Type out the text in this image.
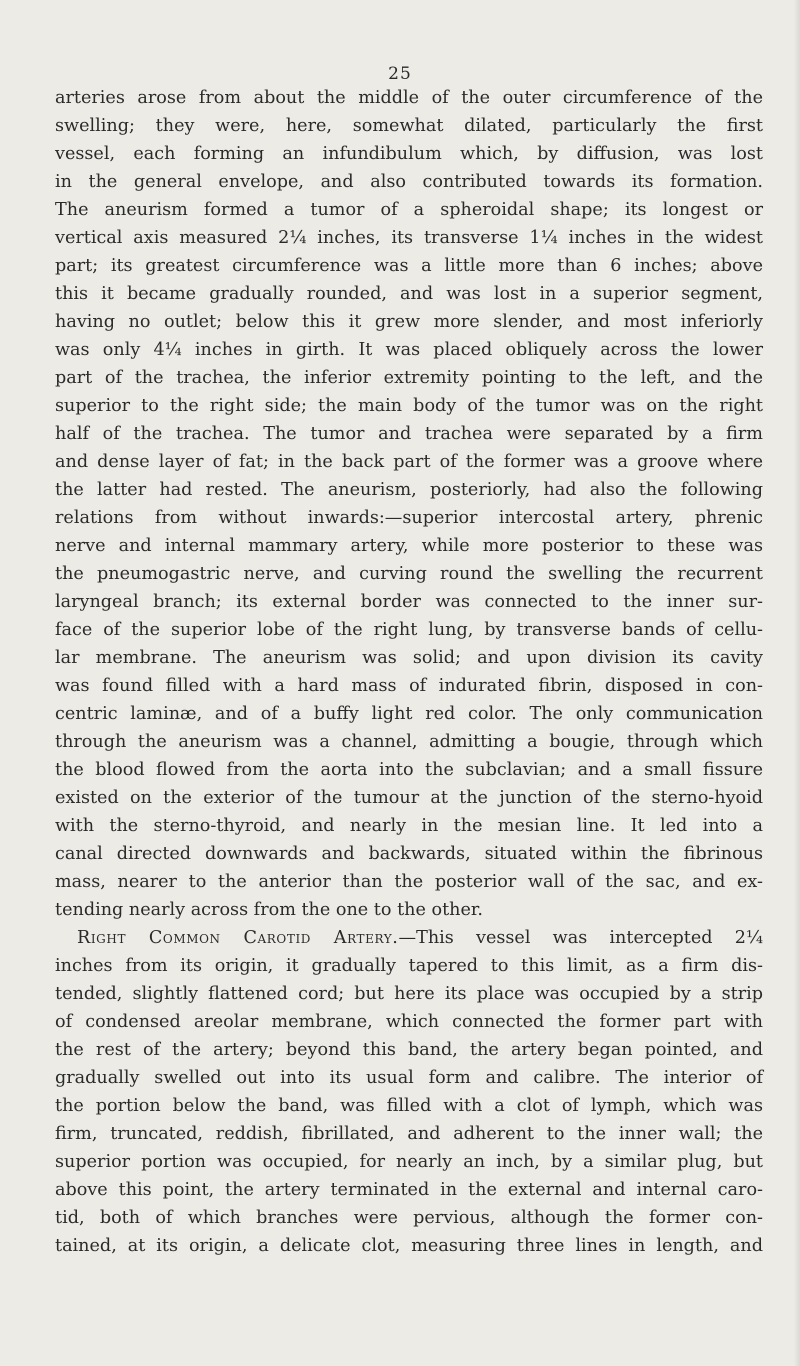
25
arteries arose from about the middle of the outer circumference of the
swelling; they were, here, somewhat dilated, particularly the first
vessel, each forming an infundibulum which, by diffusion, was lost
in the general envelope, and also contributed towards its formation.
The aneurism formed a tumor of a spheroidal shape; its longest or
vertical axis measured 2¼ inches, its transverse 1¼ inches in the widest
part; its greatest circumference was a little more than 6 inches; above
this it became gradually rounded, and was lost in a superior segment,
having no outlet; below this it grew more slender, and most inferiorly
was only 4¼ inches in girth. It was placed obliquely across the lower
part of the trachea, the inferior extremity pointing to the left, and the
superior to the right side; the main body of the tumor was on the right
half of the trachea. The tumor and trachea were separated by a firm
and dense layer of fat; in the back part of the former was a groove where
the latter had rested. The aneurism, posteriorly, had also the following
relations from without inwards:—superior intercostal artery, phrenic
nerve and internal mammary artery, while more posterior to these was
the pneumogastric nerve, and curving round the swelling the recurrent
laryngeal branch; its external border was connected to the inner sur-
face of the superior lobe of the right lung, by transverse bands of cellu-
lar membrane. The aneurism was solid; and upon division its cavity
was found filled with a hard mass of indurated fibrin, disposed in con-
centric laminæ, and of a buffy light red color. The only communication
through the aneurism was a channel, admitting a bougie, through which
the blood flowed from the aorta into the subclavian; and a small fissure
existed on the exterior of the tumour at the junction of the sterno-hyoid
with the sterno-thyroid, and nearly in the mesian line. It led into a
canal directed downwards and backwards, situated within the fibrinous
mass, nearer to the anterior than the posterior wall of the sac, and ex-
tending nearly across from the one to the other.
Right Common Carotid Artery.—This vessel was intercepted 2¼
inches from its origin, it gradually tapered to this limit, as a firm dis-
tended, slightly flattened cord; but here its place was occupied by a strip
of condensed areolar membrane, which connected the former part with
the rest of the artery; beyond this band, the artery began pointed, and
gradually swelled out into its usual form and calibre. The interior of
the portion below the band, was filled with a clot of lymph, which was
firm, truncated, reddish, fibrillated, and adherent to the inner wall; the
superior portion was occupied, for nearly an inch, by a similar plug, but
above this point, the artery terminated in the external and internal caro-
tid, both of which branches were pervious, although the former con-
tained, at its origin, a delicate clot, measuring three lines in length, and
